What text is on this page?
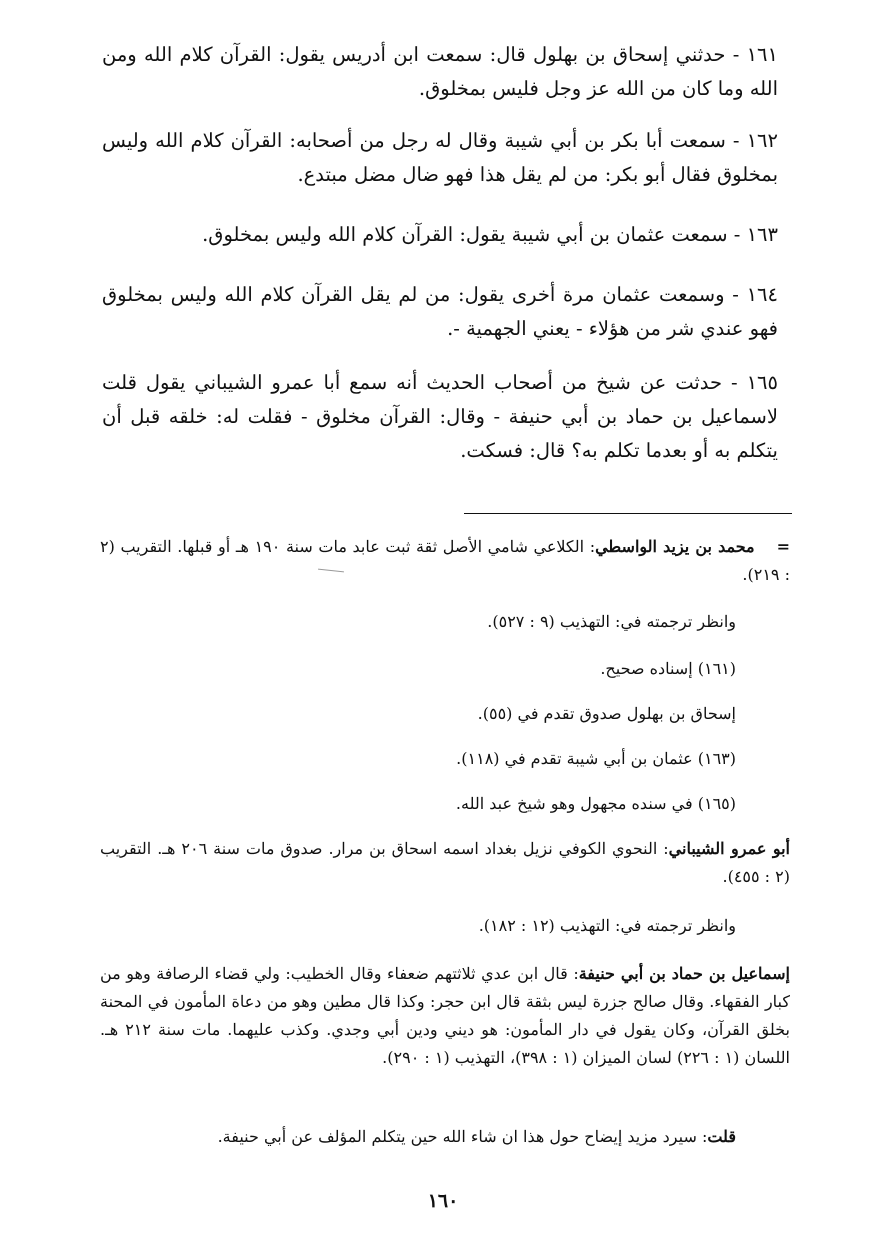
١٦١ - حدثني إسحاق بن بهلول قال: سمعت ابن أدريس يقول: القرآن كلام الله ومن الله وما كان من الله عز وجل فليس بمخلوق.

١٦٢ - سمعت أبا بكر بن أبي شيبة وقال له رجل من أصحابه: القرآن كلام الله وليس بمخلوق فقال أبو بكر: من لم يقل هذا فهو ضال مضل مبتدع.

١٦٣ - سمعت عثمان بن أبي شيبة يقول: القرآن كلام الله وليس بمخلوق.

١٦٤ - وسمعت عثمان مرة أخرى يقول: من لم يقل القرآن كلام الله وليس بمخلوق فهو عندي شر من هؤلاء - يعني الجهمية -.

١٦٥ - حدثت عن شيخ من أصحاب الحديث أنه سمع أبا عمرو الشيباني يقول قلت لاسماعيل بن حماد بن أبي حنيفة - وقال: القرآن مخلوق - فقلت له: خلقه قبل أن يتكلم به أو بعدما تكلم به؟ قال: فسكت.

=محمد بن يزيد الواسطي: الكلاعي شامي الأصل ثقة ثبت عابد مات سنة ١٩٠ هـ أو قبلها. التقريب (٢ : ٢١٩).
وانظر ترجمته في: التهذيب (٩ : ٥٢٧).
(١٦١) إسناده صحيح.
إسحاق بن بهلول صدوق تقدم في (٥٥).
(١٦٣) عثمان بن أبي شيبة تقدم في (١١٨).
(١٦٥) في سنده مجهول وهو شيخ عبد الله.
أبو عمرو الشيباني: النحوي الكوفي نزيل بغداد اسمه اسحاق بن مرار. صدوق مات سنة ٢٠٦ هـ. التقريب (٢ : ٤٥٥).
وانظر ترجمته في: التهذيب (١٢ : ١٨٢).
إسماعيل بن حماد بن أبي حنيفة: قال ابن عدي ثلاثتهم ضعفاء وقال الخطيب: ولي قضاء الرصافة وهو من كبار الفقهاء. وقال صالح جزرة ليس بثقة قال ابن حجر: وكذا قال مطين وهو من دعاة المأمون في المحنة بخلق القرآن، وكان يقول في دار المأمون: هو ديني ودين أبي وجدي. وكذب عليهما. مات سنة ٢١٢ هـ. اللسان (١ : ٢٢٦) لسان الميزان (١ : ٣٩٨)، التهذيب (١ : ٢٩٠).
قلت: سيرد مزيد إيضاح حول هذا ان شاء الله حين يتكلم المؤلف عن أبي حنيفة.
١٦٠
